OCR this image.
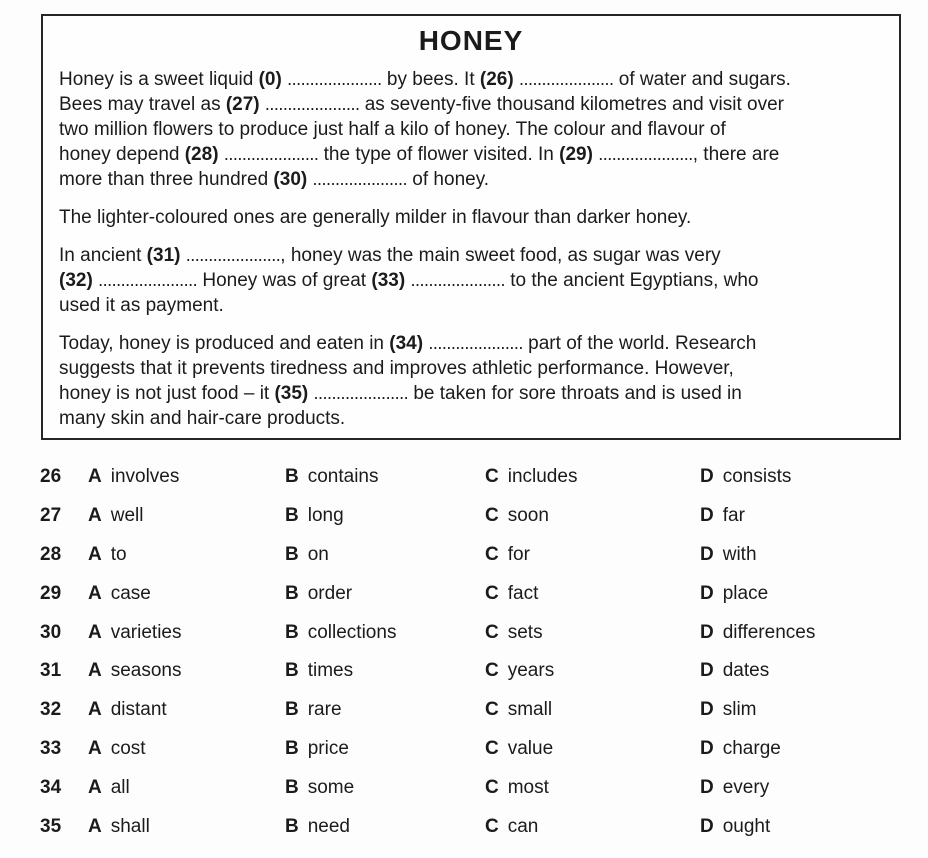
HONEY
Honey is a sweet liquid (0) ..................... by bees. It (26) ..................... of water and sugars.
Bees may travel as (27) ..................... as seventy-five thousand kilometres and visit over
two million flowers to produce just half a kilo of honey. The colour and flavour of
honey depend (28) ..................... the type of flower visited. In (29) ....................., there are
more than three hundred (30) ..................... of honey.
The lighter-coloured ones are generally milder in flavour than darker honey.
In ancient (31) ....................., honey was the main sweet food, as sugar was very
(32) ...................... Honey was of great (33) ..................... to the ancient Egyptians, who
used it as payment.
Today, honey is produced and eaten in (34) ..................... part of the world. Research
suggests that it prevents tiredness and improves athletic performance. However,
honey is not just food – it (35) ..................... be taken for sore throats and is used in
many skin and hair-care products.
26	A involves	B contains	C includes	D consists
27	A well	B long	C soon	D far
28	A to	B on	C for	D with
29	A case	B order	C fact	D place
30	A varieties	B collections	C sets	D differences
31	A seasons	B times	C years	D dates
32	A distant	B rare	C small	D slim
33	A cost	B price	C value	D charge
34	A all	B some	C most	D every
35	A shall	B need	C can	D ought
